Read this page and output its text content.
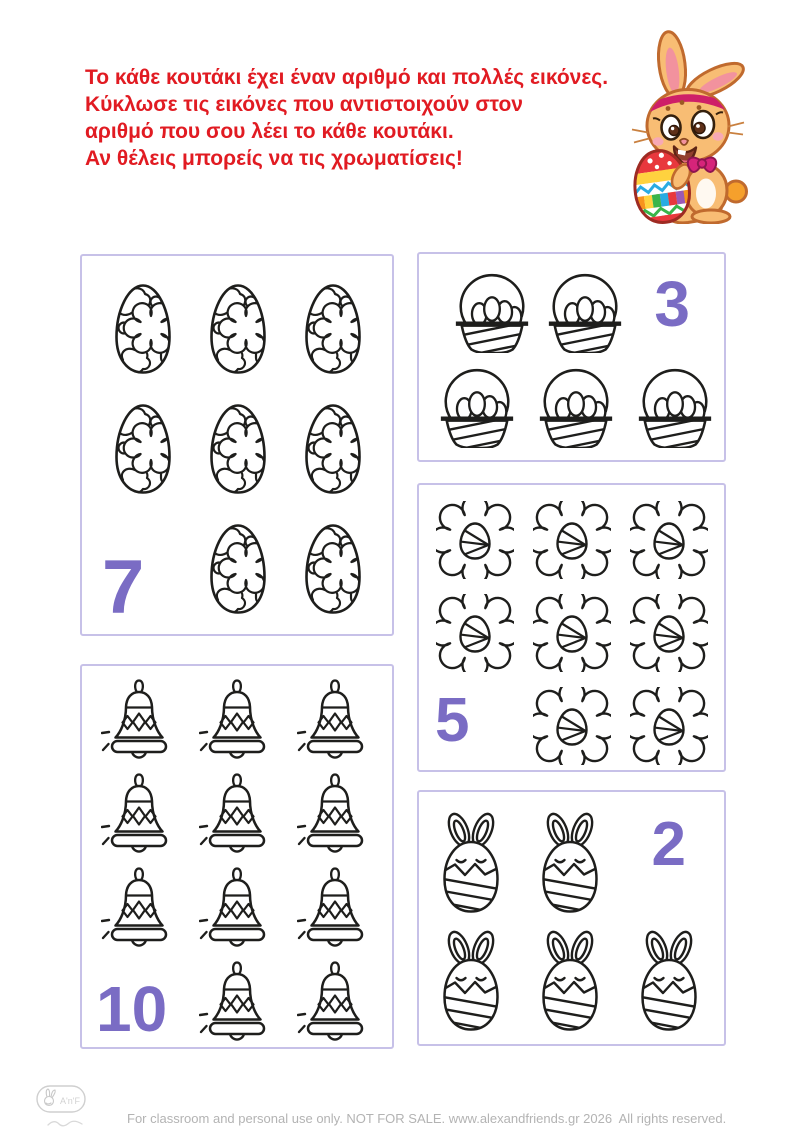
Το κάθε κουτάκι έχει έναν αριθμό και πολλές εικόνες.

Κύκλωσε τις εικόνες που αντιστοιχούν στον

αριθμό που σου λέει το κάθε κουτάκι.

Αν θέλεις μπορείς να τις χρωματίσεις!

7
3
5
10
2
A'n'F

For classroom and personal use only. NOT FOR SALE. www.alexandfriends.gr 2026  All rights reserved.
